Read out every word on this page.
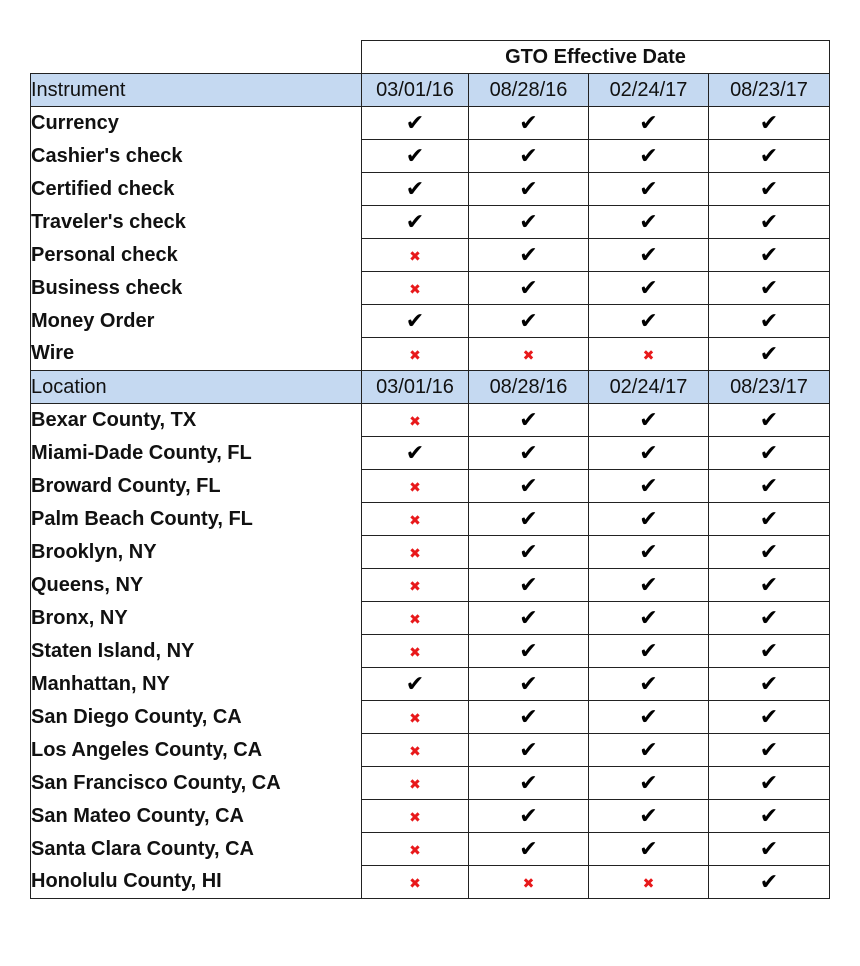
	GTO Effective Date			
Instrument	03/01/16	08/28/16	02/24/17	08/23/17
Currency	✔	✔	✔	✔
Cashier's check	✔	✔	✔	✔
Certified check	✔	✔	✔	✔
Traveler's check	✔	✔	✔	✔
Personal check	✖	✔	✔	✔
Business check	✖	✔	✔	✔
Money Order	✔	✔	✔	✔
Wire	✖	✖	✖	✔
Location	03/01/16	08/28/16	02/24/17	08/23/17
Bexar County, TX	✖	✔	✔	✔
Miami-Dade County, FL	✔	✔	✔	✔
Broward County, FL	✖	✔	✔	✔
Palm Beach County, FL	✖	✔	✔	✔
Brooklyn, NY	✖	✔	✔	✔
Queens, NY	✖	✔	✔	✔
Bronx, NY	✖	✔	✔	✔
Staten Island, NY	✖	✔	✔	✔
Manhattan, NY	✔	✔	✔	✔
San Diego County, CA	✖	✔	✔	✔
Los Angeles County, CA	✖	✔	✔	✔
San Francisco County, CA	✖	✔	✔	✔
San Mateo County, CA	✖	✔	✔	✔
Santa Clara County, CA	✖	✔	✔	✔
Honolulu County, HI	✖	✖	✖	✔
